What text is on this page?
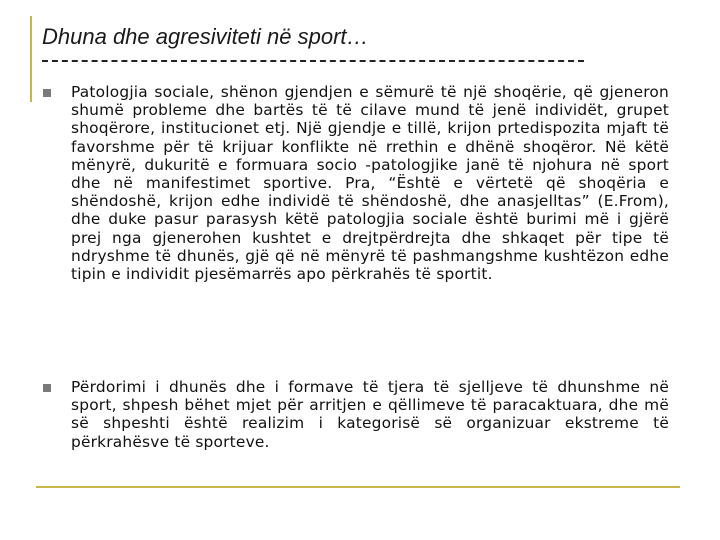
Dhuna dhe agresiviteti në sport…
Patologjia sociale, shënon gjendjen e sëmurë të një shoqërie, që gjeneron shumë probleme dhe bartës të të cilave mund të jenë individët, grupet shoqërore, institucionet etj. Një gjendje e tillë, krijon prtedispozita mjaft të favorshme për të krijuar konflikte në rrethin e dhënë shoqëror. Në këtë mënyrë, dukuritë e formuara socio -patologjike janë të njohura në sport dhe në manifestimet sportive. Pra, “Është e vërtetë që shoqëria e shëndoshë, krijon edhe individë të shëndoshë, dhe anasjelltas” (E.From), dhe duke pasur parasysh këtë patologjia sociale është burimi më i gjërë prej nga gjenerohen kushtet e drejtpërdrejta dhe shkaqet për tipe të ndryshme të dhunës, gjë që në mënyrë të pashmangshme kushtëzon edhe tipin e individit pjesëmarrës apo përkrahës të sportit.
Përdorimi i dhunës dhe i formave të tjera të sjelljeve të dhunshme në sport, shpesh bëhet mjet për arritjen e qëllimeve të paracaktuara, dhe më së shpeshti është realizim i kategorisë së organizuar ekstreme të përkrahësve të sporteve.
